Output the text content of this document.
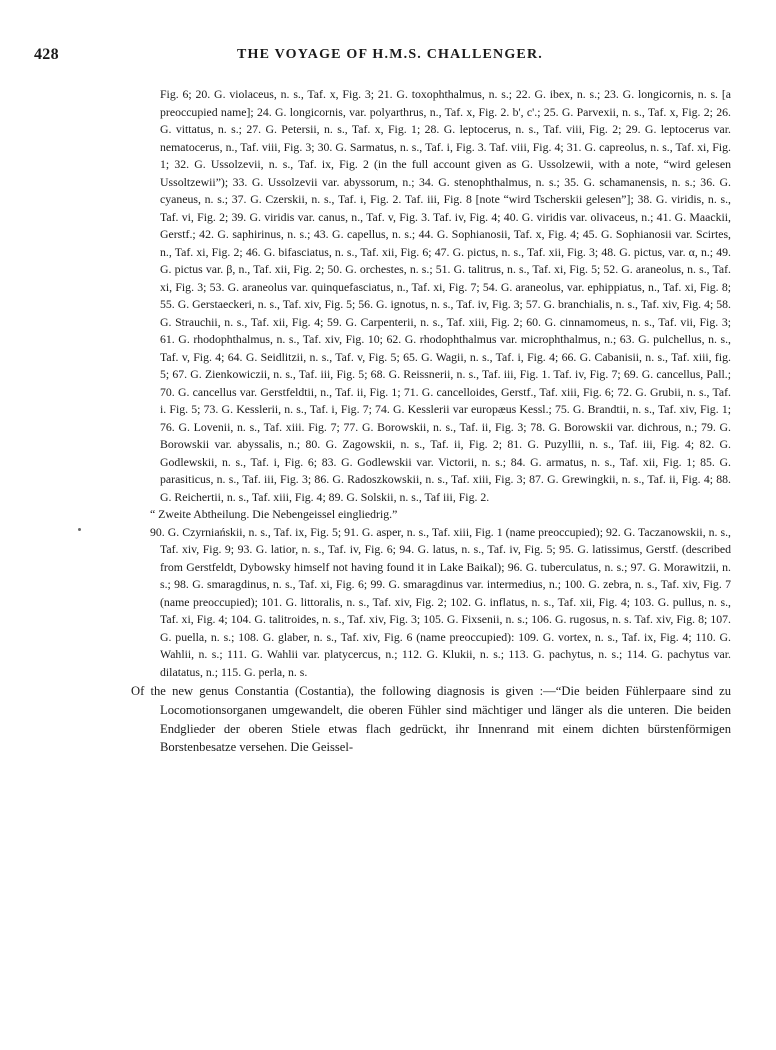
428	THE VOYAGE OF H.M.S. CHALLENGER.

Fig. 6; 20. G. violaceus, n. s., Taf. x, Fig. 3; 21. G. toxophthalmus, n. s.; 22. G. ibex, n. s.; 23. G. longicornis, n. s. [a preoccupied name]; 24. G. longicornis, var. polyarthrus, n., Taf. x, Fig. 2. b', c'.; 25. G. Parvexii, n. s., Taf. x, Fig. 2; 26. G. vittatus, n. s.; 27. G. Petersii, n. s., Taf. x, Fig. 1; 28. G. leptocerus, n. s., Taf. viii, Fig. 2; 29. G. leptocerus var. nematocerus, n., Taf. viii, Fig. 3; 30. G. Sarmatus, n. s., Taf. i, Fig. 3. Taf. viii, Fig. 4; 31. G. capreolus, n. s., Taf. xi, Fig. 1; 32. G. Ussolzevii, n. s., Taf. ix, Fig. 2 (in the full account given as G. Ussolzewii, with a note, “wird gelesen Ussoltzewii”); 33. G. Ussolzevii var. abyssorum, n.; 34. G. stenophthalmus, n. s.; 35. G. schamanensis, n. s.; 36. G. cyaneus, n. s.; 37. G. Czerskii, n. s., Taf. i, Fig. 2. Taf. iii, Fig. 8 [note “wird Tscherskii gelesen”]; 38. G. viridis, n. s., Taf. vi, Fig. 2; 39. G. viridis var. canus, n., Taf. v, Fig. 3. Taf. iv, Fig. 4; 40. G. viridis var. olivaceus, n.; 41. G. Maackii, Gerstf.; 42. G. saphirinus, n. s.; 43. G. capellus, n. s.; 44. G. Sophianosii, Taf. x, Fig. 4; 45. G. Sophianosii var. Scirtes, n., Taf. xi, Fig. 2; 46. G. bifasciatus, n. s., Taf. xii, Fig. 6; 47. G. pictus, n. s., Taf. xii, Fig. 3; 48. G. pictus, var. α, n.; 49. G. pictus var. β, n., Taf. xii, Fig. 2; 50. G. orchestes, n. s.; 51. G. talitrus, n. s., Taf. xi, Fig. 5; 52. G. araneolus, n. s., Taf. xi, Fig. 3; 53. G. araneolus var. quinquefasciatus, n., Taf. xi, Fig. 7; 54. G. araneolus, var. ephippiatus, n., Taf. xi, Fig. 8; 55. G. Gerstaeckeri, n. s., Taf. xiv, Fig. 5; 56. G. ignotus, n. s., Taf. iv, Fig. 3; 57. G. branchialis, n. s., Taf. xiv, Fig. 4; 58. G. Strauchii, n. s., Taf. xii, Fig. 4; 59. G. Carpenterii, n. s., Taf. xiii, Fig. 2; 60. G. cinnamomeus, n. s., Taf. vii, Fig. 3; 61. G. rhodophthalmus, n. s., Taf. xiv, Fig. 10; 62. G. rhodophthalmus var. microphthalmus, n.; 63. G. pulchellus, n. s., Taf. v, Fig. 4; 64. G. Seidlitzii, n. s., Taf. v, Fig. 5; 65. G. Wagii, n. s., Taf. i, Fig. 4; 66. G. Cabanisii, n. s., Taf. xiii, fig. 5; 67. G. Zienkowiczii, n. s., Taf. iii, Fig. 5; 68. G. Reissnerii, n. s., Taf. iii, Fig. 1. Taf. iv, Fig. 7; 69. G. cancellus, Pall.; 70. G. cancellus var. Gerstfeldtii, n., Taf. ii, Fig. 1; 71. G. cancelloides, Gerstf., Taf. xiii, Fig. 6; 72. G. Grubii, n. s., Taf. i. Fig. 5; 73. G. Kesslerii, n. s., Taf. i, Fig. 7; 74. G. Kesslerii var europæus Kessl.; 75. G. Brandtii, n. s., Taf. xiv, Fig. 1; 76. G. Lovenii, n. s., Taf. xiii. Fig. 7; 77. G. Borowskii, n. s., Taf. ii, Fig. 3; 78. G. Borowskii var. dichrous, n.; 79. G. Borowskii var. abyssalis, n.; 80. G. Zagowskii, n. s., Taf. ii, Fig. 2; 81. G. Puzyllii, n. s., Taf. iii, Fig. 4; 82. G. Godlewskii, n. s., Taf. i, Fig. 6; 83. G. Godlewskii var. Victorii, n. s.; 84. G. armatus, n. s., Taf. xii, Fig. 1; 85. G. parasiticus, n. s., Taf. iii, Fig. 3; 86. G. Radoszkowskii, n. s., Taf. xiii, Fig. 3; 87. G. Grewingkii, n. s., Taf. ii, Fig. 4; 88. G. Reichertii, n. s., Taf. xiii, Fig. 4; 89. G. Solskii, n. s., Taf iii, Fig. 2.

“ Zweite Abtheilung. Die Nebengeissel eingliedrig.”

90. G. Czyrniańskii, n. s., Taf. ix, Fig. 5; 91. G. asper, n. s., Taf. xiii, Fig. 1 (name preoccupied); 92. G. Taczanowskii, n. s., Taf. xiv, Fig. 9; 93. G. latior, n. s., Taf. iv, Fig. 6; 94. G. latus, n. s., Taf. iv, Fig. 5; 95. G. latissimus, Gerstf. (described from Gerstfeldt, Dybowsky himself not having found it in Lake Baikal); 96. G. tuberculatus, n. s.; 97. G. Morawitzii, n. s.; 98. G. smaragdinus, n. s., Taf. xi, Fig. 6; 99. G. smaragdinus var. intermedius, n.; 100. G. zebra, n. s., Taf. xiv, Fig. 7 (name preoccupied); 101. G. littoralis, n. s., Taf. xiv, Fig. 2; 102. G. inflatus, n. s., Taf. xii, Fig. 4; 103. G. pullus, n. s., Taf. xi, Fig. 4; 104. G. talitroides, n. s., Taf. xiv, Fig. 3; 105. G. Fixsenii, n. s.; 106. G. rugosus, n. s. Taf. xiv, Fig. 8; 107. G. puella, n. s.; 108. G. glaber, n. s., Taf. xiv, Fig. 6 (name preoccupied): 109. G. vortex, n. s., Taf. ix, Fig. 4; 110. G. Wahlii, n. s.; 111. G. Wahlii var. platycercus, n.; 112. G. Klukii, n. s.; 113. G. pachytus, n. s.; 114. G. pachytus var. dilatatus, n.; 115. G. perla, n. s.

Of the new genus Constantia (Costantia), the following diagnosis is given :—“Die beiden Fühlerpaare sind zu Locomotionsorganen umgewandelt, die oberen Fühler sind mächtiger und länger als die unteren. Die beiden Endglieder der oberen Stiele etwas flach gedrückt, ihr Innenrand mit einem dichten bürstenförmigen Borstenbesatze versehen. Die Geissel-
